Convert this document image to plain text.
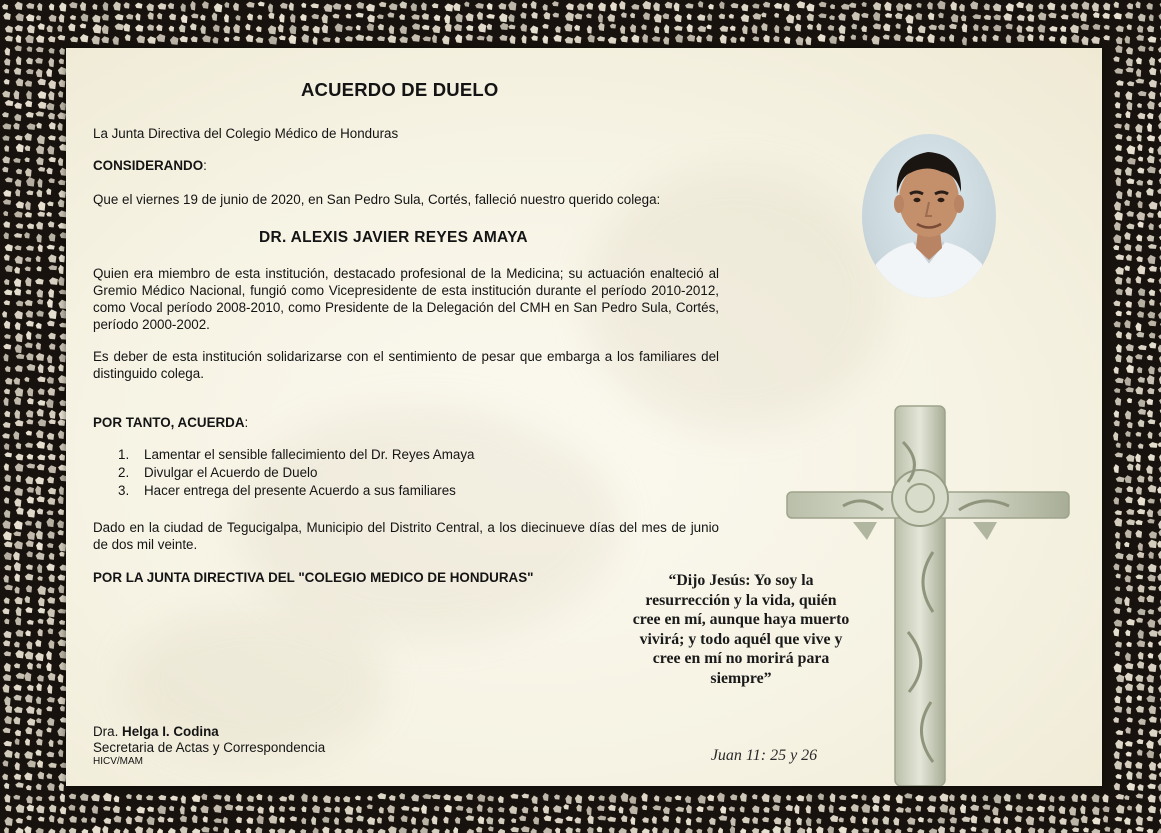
ACUERDO DE DUELO
La Junta Directiva del Colegio Médico de Honduras
CONSIDERANDO:
Que el viernes 19 de junio de 2020, en San Pedro Sula, Cortés, falleció nuestro querido colega:
DR. ALEXIS JAVIER REYES AMAYA
Quien era miembro de esta institución, destacado profesional de la Medicina; su actuación enalteció al Gremio Médico Nacional, fungió como Vicepresidente de esta institución durante el período 2010-2012, como Vocal período 2008-2010, como Presidente de la Delegación del CMH en San Pedro Sula, Cortés, período 2000-2002.
Es deber de esta institución solidarizarse con el sentimiento de pesar que embarga a los familiares del distinguido colega.
POR TANTO, ACUERDA:
1.	Lamentar el sensible fallecimiento del Dr. Reyes Amaya
2.	Divulgar el Acuerdo de Duelo
3.	Hacer entrega del presente Acuerdo a sus familiares
Dado en la ciudad de Tegucigalpa, Municipio del Distrito Central, a los diecinueve días del mes de junio de dos mil veinte.
POR LA JUNTA DIRECTIVA DEL "COLEGIO MEDICO DE HONDURAS"
Dra. Helga I. Codina
Secretaria de Actas y Correspondencia
HICV/MAM
“Dijo Jesús: Yo soy la resurrección y la vida, quién cree en mí, aunque haya muerto vivirá; y todo aquél que vive y cree en mí no morirá para siempre”
Juan 11: 25 y 26
